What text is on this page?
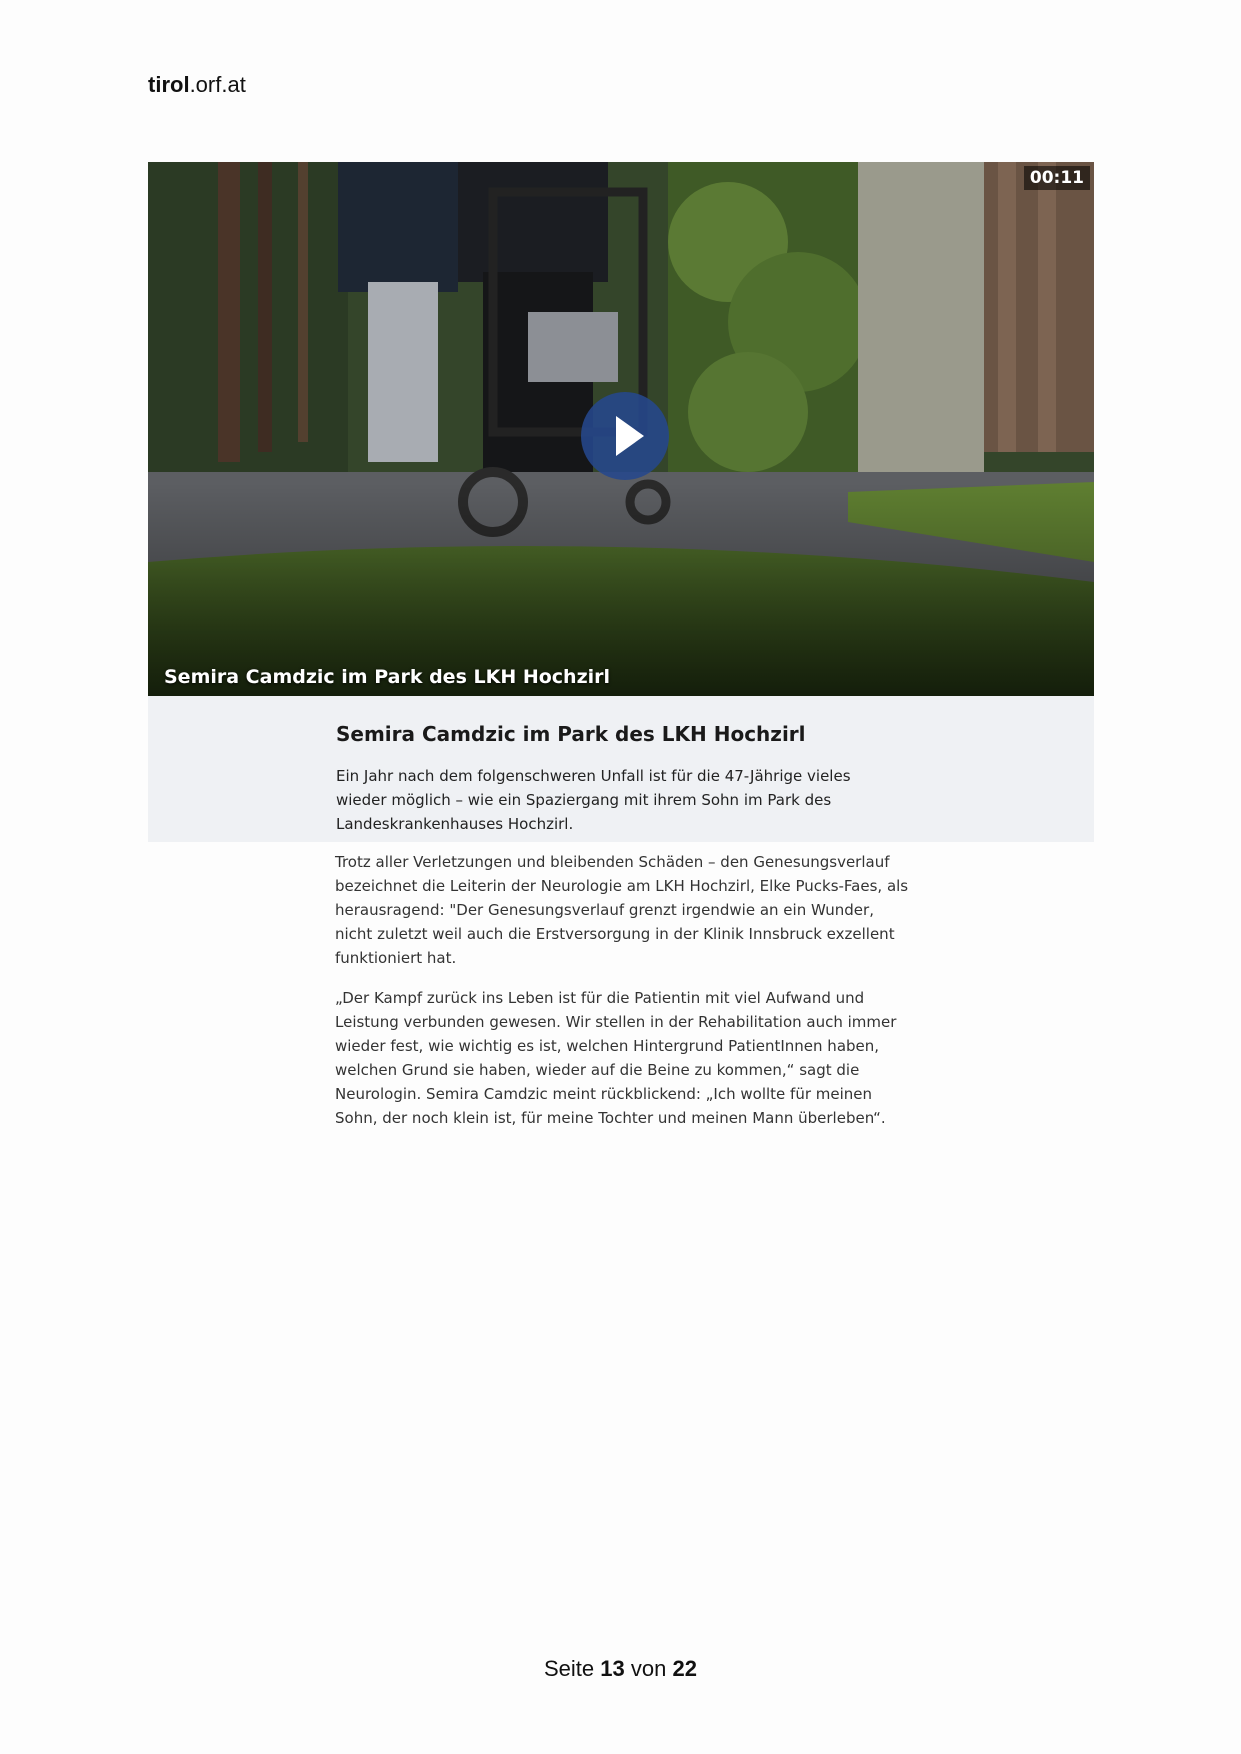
tirol.orf.at
00:11
Semira Camdzic im Park des LKH Hochzirl
Semira Camdzic im Park des LKH Hochzirl

Ein Jahr nach dem folgenschweren Unfall ist für die 47-Jährige vieles wieder möglich – wie ein Spaziergang mit ihrem Sohn im Park des Landeskrankenhauses Hochzirl.

Trotz aller Verletzungen und bleibenden Schäden – den Genesungsverlauf bezeichnet die Leiterin der Neurologie am LKH Hochzirl, Elke Pucks-Faes, als herausragend: "Der Genesungsverlauf grenzt irgendwie an ein Wunder, nicht zuletzt weil auch die Erstversorgung in der Klinik Innsbruck exzellent funktioniert hat.

„Der Kampf zurück ins Leben ist für die Patientin mit viel Aufwand und Leistung verbunden gewesen. Wir stellen in der Rehabilitation auch immer wieder fest, wie wichtig es ist, welchen Hintergrund PatientInnen haben, welchen Grund sie haben, wieder auf die Beine zu kommen,“ sagt die Neurologin. Semira Camdzic meint rückblickend: „Ich wollte für meinen Sohn, der noch klein ist, für meine Tochter und meinen Mann überleben“.

Seite 13 von 22
